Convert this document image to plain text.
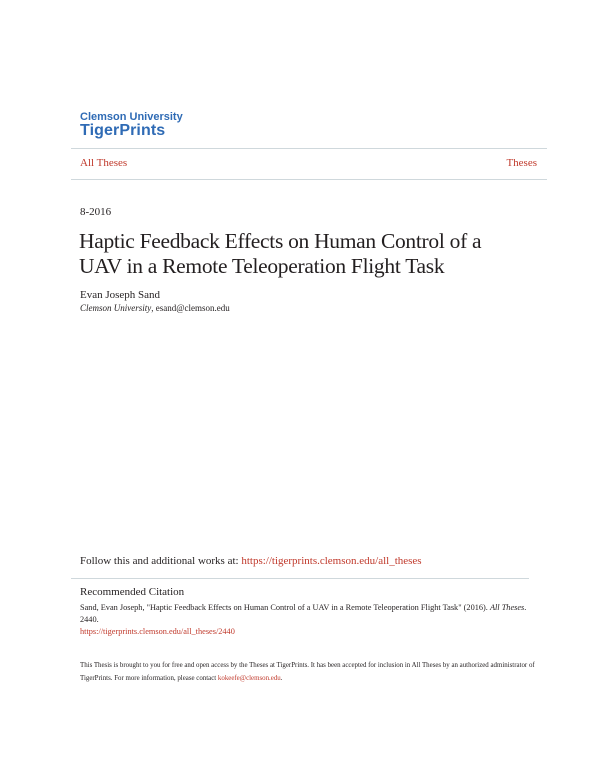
Clemson University
TigerPrints
All Theses	Theses
8-2016
Haptic Feedback Effects on Human Control of a UAV in a Remote Teleoperation Flight Task
Evan Joseph Sand
Clemson University, esand@clemson.edu
Follow this and additional works at: https://tigerprints.clemson.edu/all_theses
Recommended Citation
Sand, Evan Joseph, "Haptic Feedback Effects on Human Control of a UAV in a Remote Teleoperation Flight Task" (2016). All Theses. 2440.
https://tigerprints.clemson.edu/all_theses/2440
This Thesis is brought to you for free and open access by the Theses at TigerPrints. It has been accepted for inclusion in All Theses by an authorized administrator of TigerPrints. For more information, please contact kokeefe@clemson.edu.
